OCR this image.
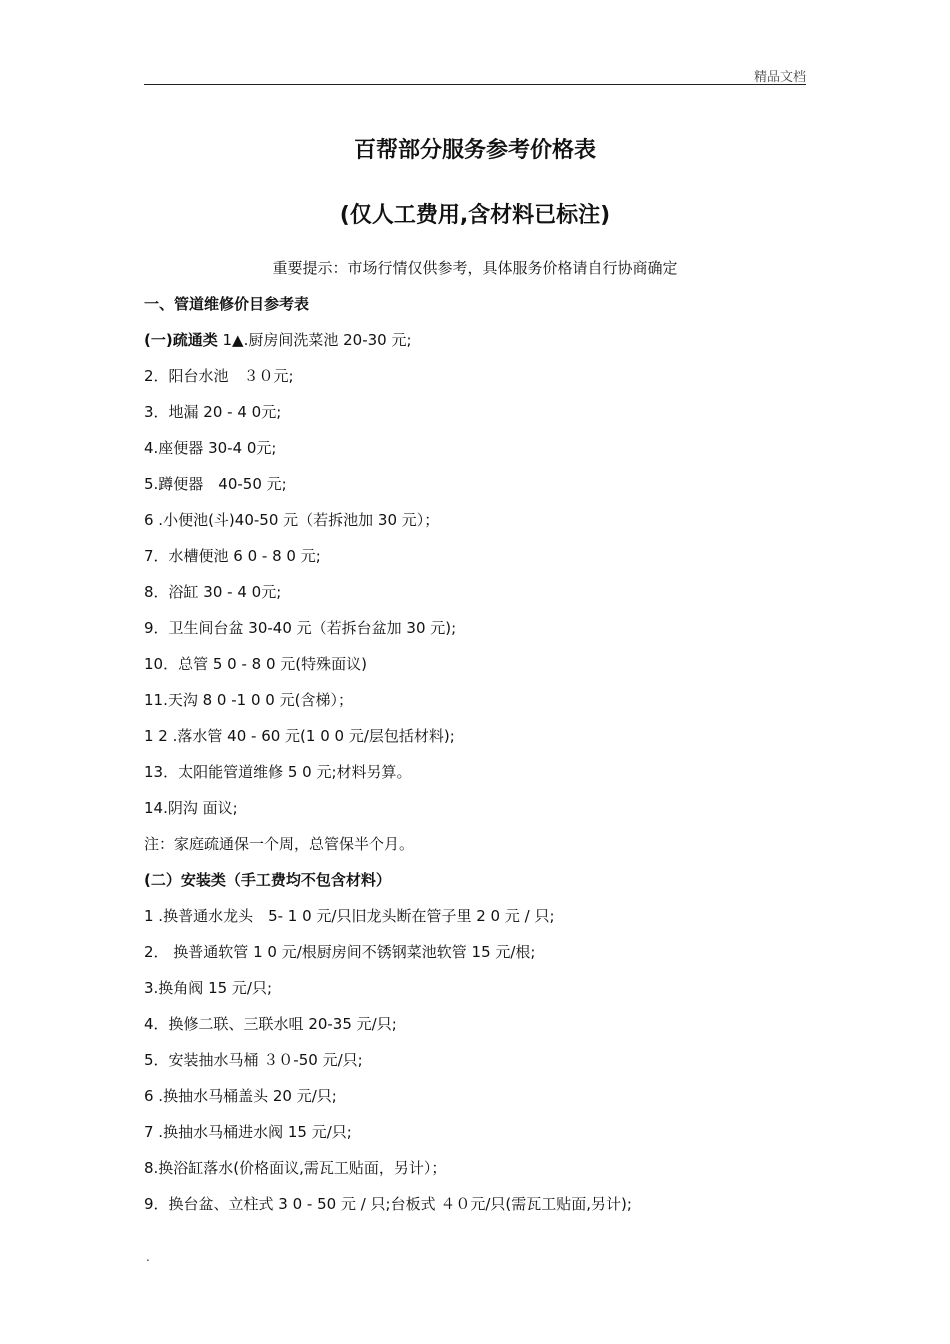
精品文档
百帮部分服务参考价格表
(仅人工费用,含材料已标注)
重要提示：市场行情仅供参考，具体服务价格请自行协商确定
一、管道维修价目参考表
(一)疏通类 1▲.厨房间洗菜池 20-30 元;
2．阳台水池　３０元;
3．地漏 20 - 4 0元;
4.座便器 30-4 0元;
5.蹲便器　40-50 元;
6 .小便池(斗)40-50 元（若拆池加 30 元）；
7．水槽便池 6 0 - 8 0 元;
8．浴缸 30 - 4 0元;
9．卫生间台盆 30-40 元（若拆台盆加 30 元);
10．总管 5 0 - 8 0 元(特殊面议)
11.天沟 8 0 -1 0 0 元(含梯）；
1 2 .落水管 40 - 60 元(1 0 0 元/层包括材料);
13．太阳能管道维修 5 0 元;材料另算。
14.阴沟 面议;
注：家庭疏通保一个周，总管保半个月。
(二）安装类（手工费均不包含材料）
1 .换普通水龙头　5- 1 0 元/只旧龙头断在管子里 2 0 元 / 只;
2． 换普通软管 1 0 元/根厨房间不锈钢菜池软管 15 元/根;
3.换角阀 15 元/只;
4．换修二联、三联水咀 20-35 元/只;
5．安装抽水马桶 ３０-50 元/只;
6 .换抽水马桶盖头 20 元/只;
7 .换抽水马桶进水阀 15 元/只;
8.换浴缸落水(价格面议,需瓦工贴面，另计）；
9．换台盆、立柱式 3 0 - 50 元 / 只;台板式 ４０元/只(需瓦工贴面,另计);
.
